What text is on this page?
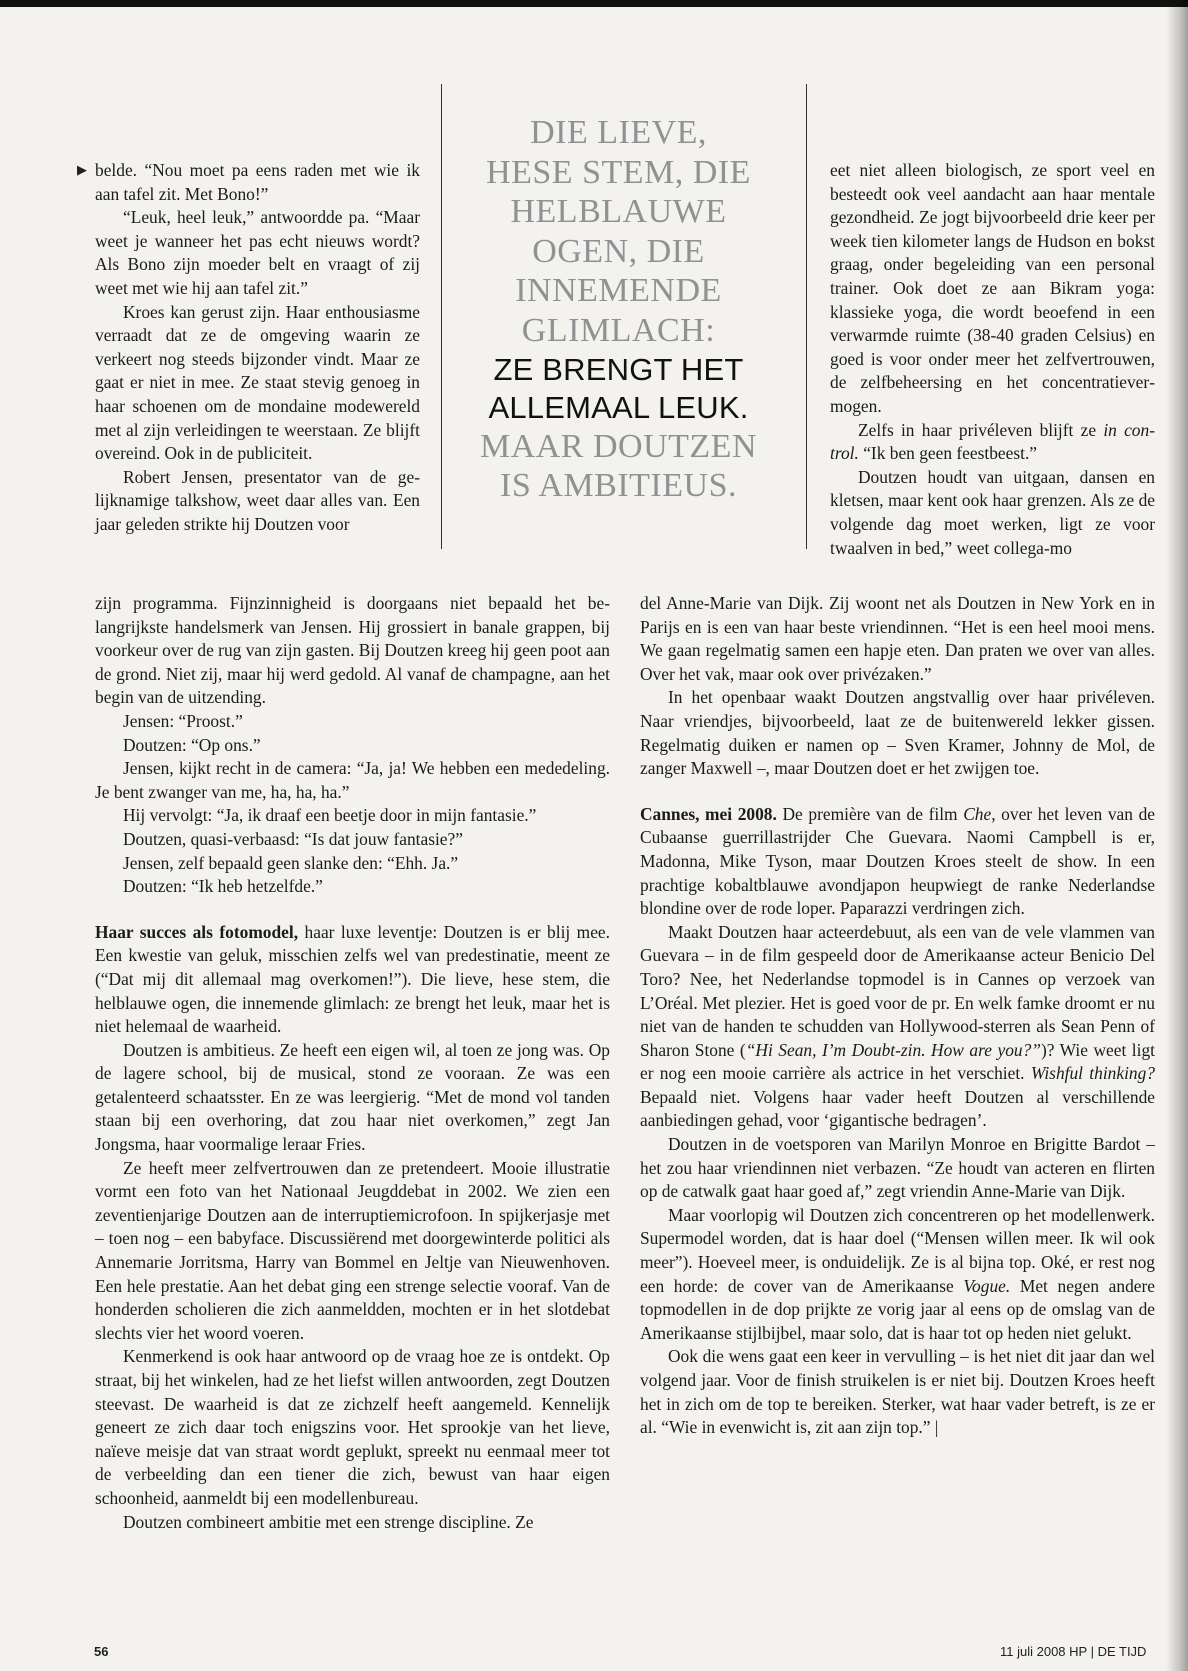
▶ belde. “Nou moet pa eens raden met wie ik aan tafel zit. Met Bono!”

“Leuk, heel leuk,” antwoordde pa. “Maar weet je wanneer het pas echt nieuws wordt? Als Bono zijn moeder belt en vraagt of zij weet met wie hij aan tafel zit.”

Kroes kan gerust zijn. Haar enthousiasme verraadt dat ze de omgeving waarin ze verkeert nog steeds bijzonder vindt. Maar ze gaat er niet in mee. Ze staat stevig genoeg in haar schoenen om de mondaine modewereld met al zijn verleidingen te weerstaan. Ze blijft overeind. Ook in de publiciteit.

Robert Jensen, presentator van de gelijknamige talkshow, weet daar alles van. Een jaar geleden strikte hij Doutzen voor

DIE LIEVE,
HESE STEM, DIE
HELBLAUWE
OGEN, DIE
INNEMENDE
GLIMLACH:
ZE BRENGT HET
ALLEMAAL LEUK.
MAAR DOUTZEN
IS AMBITIEUS.

eet niet alleen biologisch, ze sport veel en besteedt ook veel aandacht aan haar mentale gezondheid. Ze jogt bijvoorbeeld drie keer per week tien kilometer langs de Hudson en bokst graag, onder begeleiding van een personal trainer. Ook doet ze aan Bikram yoga: klassieke yoga, die wordt beoefend in een verwarmde ruimte (38-40 graden Celsius) en goed is voor onder meer het zelfvertrouwen, de zelfbeheersing en het concentratievermogen.

Zelfs in haar privéleven blijft ze in control. “Ik ben geen feestbeest.”

Doutzen houdt van uitgaan, dansen en kletsen, maar kent ook haar grenzen. Als ze de volgende dag moet werken, ligt ze voor twaalven in bed,” weet collega-mo

zijn programma. Fijnzinnigheid is doorgaans niet bepaald het belangrijkste handelsmerk van Jensen. Hij grossiert in banale grappen, bij voorkeur over de rug van zijn gasten. Bij Doutzen kreeg hij geen poot aan de grond. Niet zij, maar hij werd gedold. Al vanaf de champagne, aan het begin van de uitzending.

Jensen: “Proost.”

Doutzen: “Op ons.”

Jensen, kijkt recht in de camera: “Ja, ja! We hebben een mededeling. Je bent zwanger van me, ha, ha, ha.”

Hij vervolgt: “Ja, ik draaf een beetje door in mijn fantasie.”

Doutzen, quasi-verbaasd: “Is dat jouw fantasie?”

Jensen, zelf bepaald geen slanke den: “Ehh. Ja.”

Doutzen: “Ik heb hetzelfde.”

Haar succes als fotomodel, haar luxe leventje: Doutzen is er blij mee. Een kwestie van geluk, misschien zelfs wel van predestinatie, meent ze (“Dat mij dit allemaal mag overkomen!”). Die lieve, hese stem, die helblauwe ogen, die innemende glimlach: ze brengt het leuk, maar het is niet helemaal de waarheid.

Doutzen is ambitieus. Ze heeft een eigen wil, al toen ze jong was. Op de lagere school, bij de musical, stond ze vooraan. Ze was een getalenteerd schaatsster. En ze was leergierig. “Met de mond vol tanden staan bij een overhoring, dat zou haar niet overkomen,” zegt Jan Jongsma, haar voormalige leraar Fries.

Ze heeft meer zelfvertrouwen dan ze pretendeert. Mooie illustratie vormt een foto van het Nationaal Jeugddebat in 2002. We zien een zeventienjarige Doutzen aan de interruptiemicrofoon. In spijkerjasje met – toen nog – een babyface. Discussiërend met doorgewinterde politici als Annemarie Jorritsma, Harry van Bommel en Jeltje van Nieuwenhoven. Een hele prestatie. Aan het debat ging een strenge selectie vooraf. Van de honderden scholieren die zich aanmeldden, mochten er in het slotdebat slechts vier het woord voeren.

Kenmerkend is ook haar antwoord op de vraag hoe ze is ontdekt. Op straat, bij het winkelen, had ze het liefst willen antwoorden, zegt Doutzen steevast. De waarheid is dat ze zichzelf heeft aangemeld. Kennelijk geneert ze zich daar toch enigszins voor. Het sprookje van het lieve, naïeve meisje dat van straat wordt geplukt, spreekt nu eenmaal meer tot de verbeelding dan een tiener die zich, bewust van haar eigen schoonheid, aanmeldt bij een modellenbureau.

Doutzen combineert ambitie met een strenge discipline. Ze

del Anne-Marie van Dijk. Zij woont net als Doutzen in New York en in Parijs en is een van haar beste vriendinnen. “Het is een heel mooi mens. We gaan regelmatig samen een hapje eten. Dan praten we over van alles. Over het vak, maar ook over privézaken.”

In het openbaar waakt Doutzen angstvallig over haar privéleven. Naar vriendjes, bijvoorbeeld, laat ze de buitenwereld lekker gissen. Regelmatig duiken er namen op – Sven Kramer, Johnny de Mol, de zanger Maxwell –, maar Doutzen doet er het zwijgen toe.

Cannes, mei 2008. De première van de film Che, over het leven van de Cubaanse guerrillastrijder Che Guevara. Naomi Campbell is er, Madonna, Mike Tyson, maar Doutzen Kroes steelt de show. In een prachtige kobaltblauwe avondjapon heupwiegt de ranke Nederlandse blondine over de rode loper. Paparazzi verdringen zich.

Maakt Doutzen haar acteerdebuut, als een van de vele vlammen van Guevara – in de film gespeeld door de Amerikaanse acteur Benicio Del Toro? Nee, het Nederlandse topmodel is in Cannes op verzoek van L’Oréal. Met plezier. Het is goed voor de pr. En welk famke droomt er nu niet van de handen te schudden van Hollywood-sterren als Sean Penn of Sharon Stone (“Hi Sean, I’m Doubt-zin. How are you?”)? Wie weet ligt er nog een mooie carrière als actrice in het verschiet. Wishful thinking? Bepaald niet. Volgens haar vader heeft Doutzen al verschillende aanbiedingen gehad, voor ‘gigantische bedragen’.

Doutzen in de voetsporen van Marilyn Monroe en Brigitte Bardot – het zou haar vriendinnen niet verbazen. “Ze houdt van acteren en flirten op de catwalk gaat haar goed af,” zegt vriendin Anne-Marie van Dijk.

Maar voorlopig wil Doutzen zich concentreren op het modellenwerk. Supermodel worden, dat is haar doel (“Mensen willen meer. Ik wil ook meer”). Hoeveel meer, is onduidelijk. Ze is al bijna top. Oké, er rest nog een horde: de cover van de Amerikaanse Vogue. Met negen andere topmodellen in de dop prijkte ze vorig jaar al eens op de omslag van de Amerikaanse stijlbijbel, maar solo, dat is haar tot op heden niet gelukt.

Ook die wens gaat een keer in vervulling – is het niet dit jaar dan wel volgend jaar. Voor de finish struikelen is er niet bij. Doutzen Kroes heeft het in zich om de top te bereiken. Sterker, wat haar vader betreft, is ze er al. “Wie in evenwicht is, zit aan zijn top.” |

56	11 juli 2008 HP | DE TIJD
